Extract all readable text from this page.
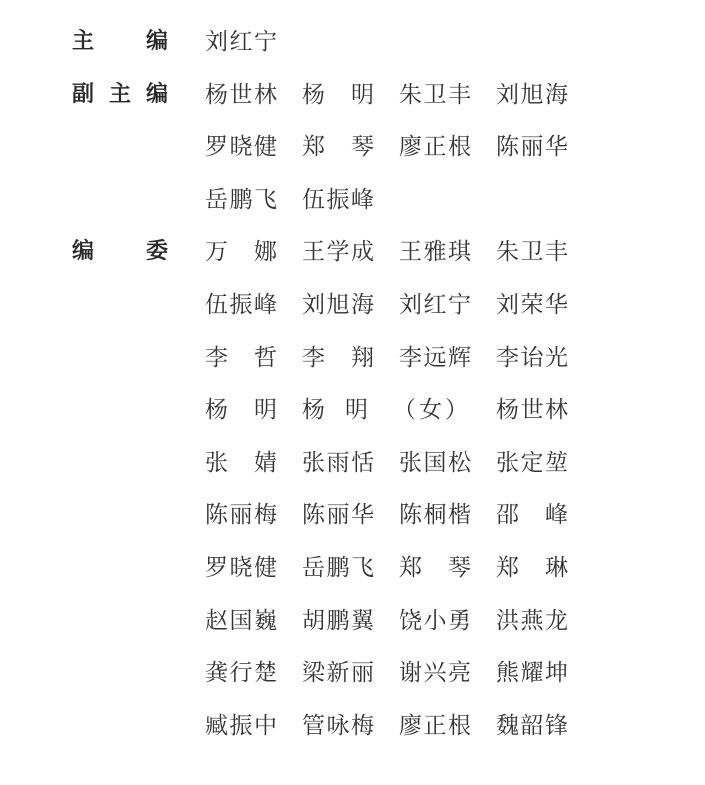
主编 刘红宁
副主编 杨世林 杨明 朱卫丰 刘旭海
罗晓健 郑琴 廖正根 陈丽华
岳鹏飞 伍振峰
编委 万娜 王学成 王雅琪 朱卫丰
伍振峰 刘旭海 刘红宁 刘荣华
李哲 李翔 李远辉 李诒光
杨明 杨明 （女） 杨世林
张婧 张雨恬 张国松 张定堃
陈丽梅 陈丽华 陈桐楷 邵峰
罗晓健 岳鹏飞 郑琴 郑琳
赵国巍 胡鹏翼 饶小勇 洪燕龙
龚行楚 梁新丽 谢兴亮 熊耀坤
臧振中 管咏梅 廖正根 魏韶锋
